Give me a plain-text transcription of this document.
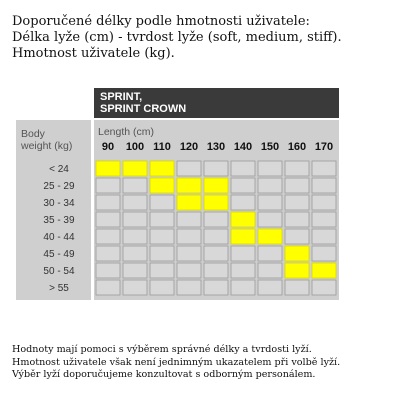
Doporučené délky podle hmotnosti uživatele:
Délka lyže (cm) - tvrdost lyže (soft, medium, stiff).
Hmotnost uživatele (kg).
SPRINT,
SPRINT CROWN
Body
weight (kg)
Length (cm)
90 100 110 120 130 140 150 160 170
< 24
25 - 29
30 - 34
35 - 39
40 - 44
45 - 49
50 - 54
> 55
Hodnoty mají pomoci s výběrem správné délky a tvrdosti lyží.
Hmotnost uživatele však není jednimným ukazatelem při volbě lyží.
Výběr lyží doporučujeme konzultovat s odborným personálem.
